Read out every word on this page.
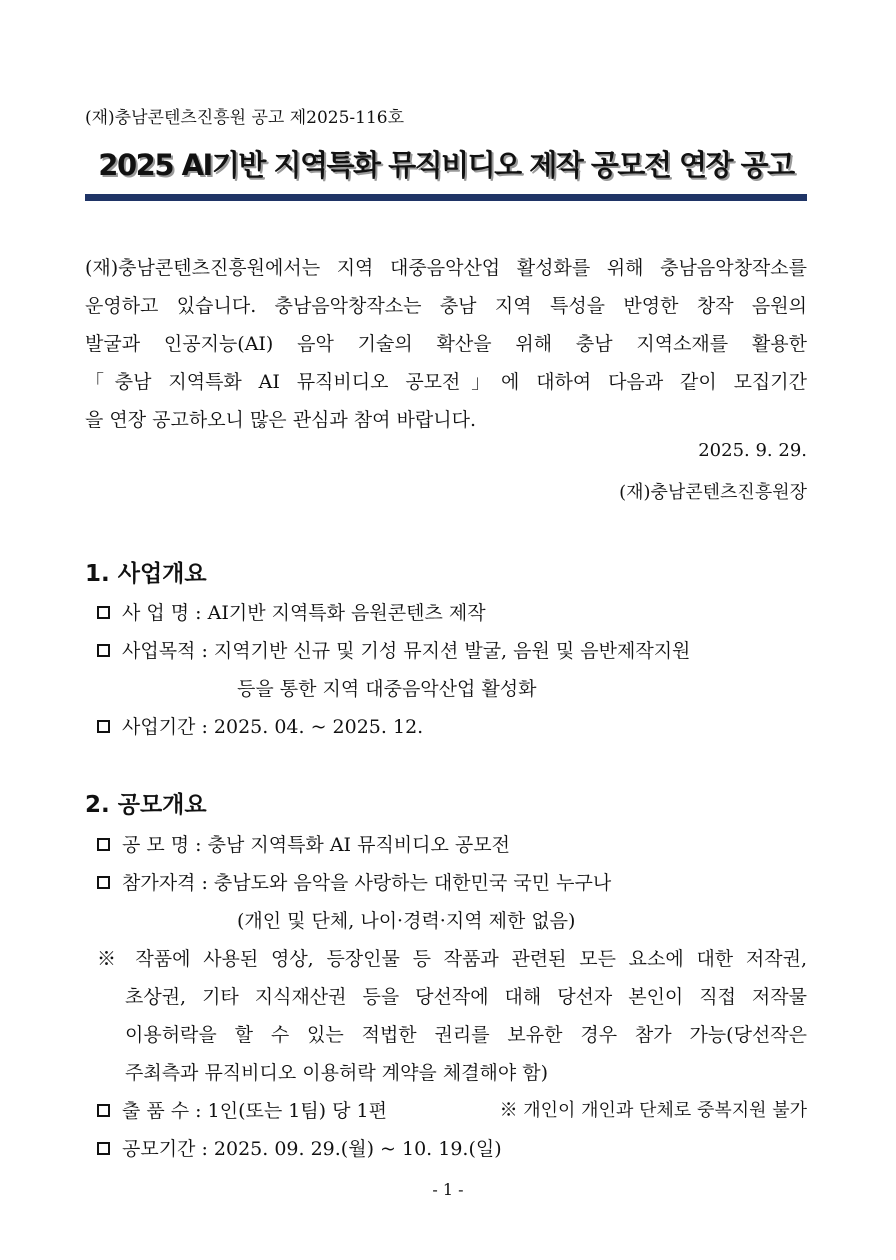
(재)충남콘텐츠진흥원 공고 제2025-116호
2025 AI기반 지역특화 뮤직비디오 제작 공모전 연장 공고
(재)충남콘텐츠진흥원에서는 지역 대중음악산업 활성화를 위해 충남음악창작소를
운영하고 있습니다. 충남음악창작소는 충남 지역 특성을 반영한 창작 음원의
발굴과 인공지능(AI) 음악 기술의 확산을 위해 충남 지역소재를 활용한
「충남 지역특화 AI 뮤직비디오 공모전」에 대하여 다음과 같이 모집기간
을 연장 공고하오니 많은 관심과 참여 바랍니다.
2025. 9. 29.
(재)충남콘텐츠진흥원장
1. 사업개요
사 업 명 : AI기반 지역특화 음원콘텐츠 제작
사업목적 : 지역기반 신규 및 기성 뮤지션 발굴, 음원 및 음반제작지원
등을 통한 지역 대중음악산업 활성화
사업기간 : 2025. 04. ~ 2025. 12.
2. 공모개요
공 모 명 : 충남 지역특화 AI 뮤직비디오 공모전
참가자격 : 충남도와 음악을 사랑하는 대한민국 국민 누구나
(개인 및 단체, 나이·경력·지역 제한 없음)
※ 작품에 사용된 영상, 등장인물 등 작품과 관련된 모든 요소에 대한 저작권,
초상권, 기타 지식재산권 등을 당선작에 대해 당선자 본인이 직접 저작물
이용허락을 할 수 있는 적법한 권리를 보유한 경우 참가 가능(당선작은
주최측과 뮤직비디오 이용허락 계약을 체결해야 함)
출 품 수 : 1인(또는 1팀) 당 1편	※ 개인이 개인과 단체로 중복지원 불가
공모기간 : 2025. 09. 29.(월) ~ 10. 19.(일)
- 1 -
